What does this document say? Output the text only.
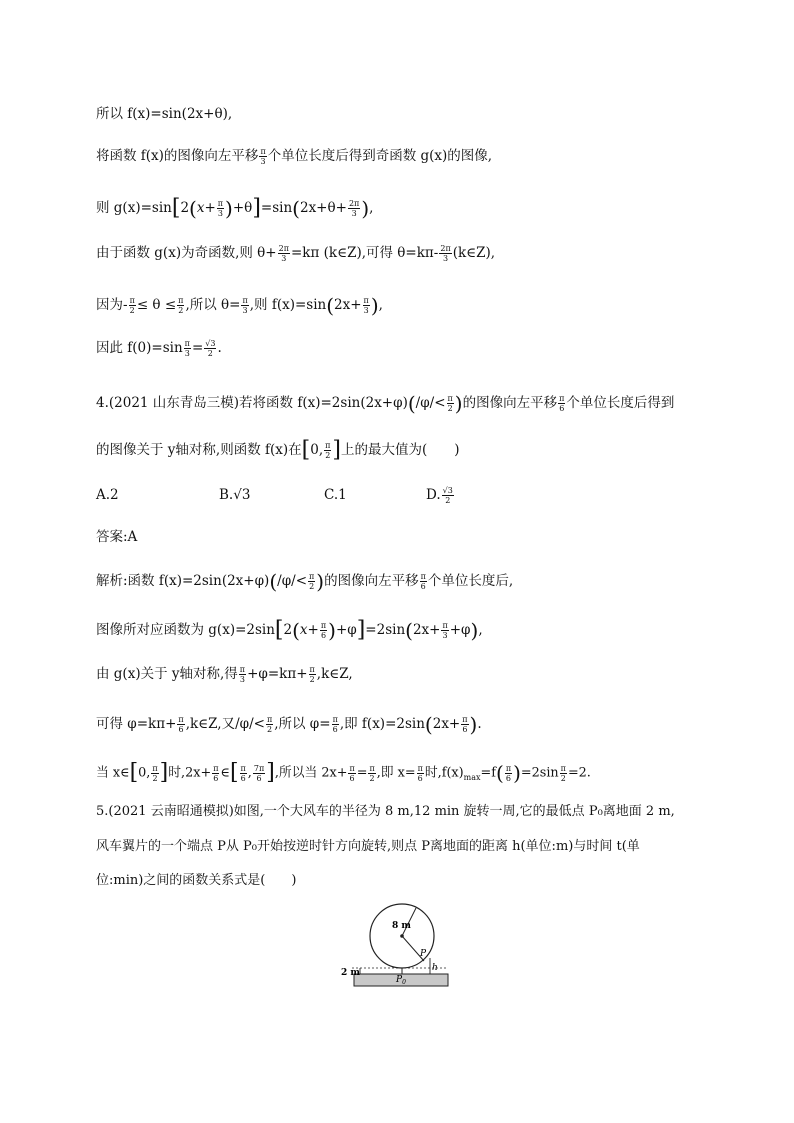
所以 f(x)=sin(2x+θ),
将函数 f(x)的图像向左平移 $\frac{\pi}{3}$ 个单位长度后得到奇函数 g(x)的图像,
则 $g(x)=\sin[2(x+ \frac{\pi}{3} )+\theta]=\sin(2x+\theta+ \frac{2\pi}{3}$ ),
由于函数 g(x)为奇函数,则 $\theta+ \frac{2\pi}{3} =k\pi$ (k∈Z),可得 $\theta=k\pi- \frac{2\pi}{3}$ (k∈Z),
因为- $\frac{\pi}{2} \le \theta \le \frac{\pi}{2}$ ,所以 $\theta= \frac{\pi}{3}$ ,则 $f(x)=\sin(2x+ \frac{\pi}{3}$ ),
因此 $f(0)=\sin \frac{\pi}{3} = \frac{√3}{2}$ .
4.(2021 山东青岛三模)若将函数 $f(x)=2\sin(2x+\varphi)(/\varphi/< \frac{\pi}{2}$ )的图像向左平移 $\frac{\pi}{6}$ 个单位长度后得到
的图像关于 y轴对称,则函数 f(x)在[0, $\frac{\pi}{2}$ ]上的最大值为(　　)
A.2	B.√3	C.1	D. $\frac{√3}{2}$
答案:A
解析:函数 $f(x)=2\sin(2x+\varphi)(/\varphi/< \frac{\pi}{2}$ )的图像向左平移 $\frac{\pi}{6}$ 个单位长度后,
图像所对应函数为 $g(x)=2\sin[2(x+ \frac{\pi}{6} )+\varphi]=2\sin(2x+ \frac{\pi}{3} +\varphi)$,
由 g(x)关于 y轴对称,得 $\frac{\pi}{3} +\varphi=k\pi+ \frac{\pi}{2}$ ,k∈Z,
可得 $\varphi=k\pi+ \frac{\pi}{6}$ ,k∈Z,又$/\varphi/< \frac{\pi}{2}$ ,所以 $\varphi= \frac{\pi}{6}$ ,即 $f(x)=2\sin(2x+ \frac{\pi}{6}$ ).
当 x∈[0, $\frac{\pi}{2}$ ]时$,2x+ \frac{\pi}{6}$ ∈[ $\frac{\pi}{6}$ , $\frac{7\pi}{6}$ ],所以当 $2x+ \frac{\pi}{6} = \frac{\pi}{2}$ ,即 $x= \frac{\pi}{6}$ 时$,f(x)_{max}=f( \frac{\pi}{6} )=2\sin \frac{\pi}{2} =2$.
5.(2021 云南昭通模拟)如图,一个大风车的半径为 8 m,12 min 旋转一周,它的最低点 P₀离地面 2 m,
风车翼片的一个端点 P从 P₀开始按逆时针方向旋转,则点 P离地面的距离 h(单位:m)与时间 t(单
位:min)之间的函数关系式是(　　)
8 m
P
$P_0$
h
2 m
